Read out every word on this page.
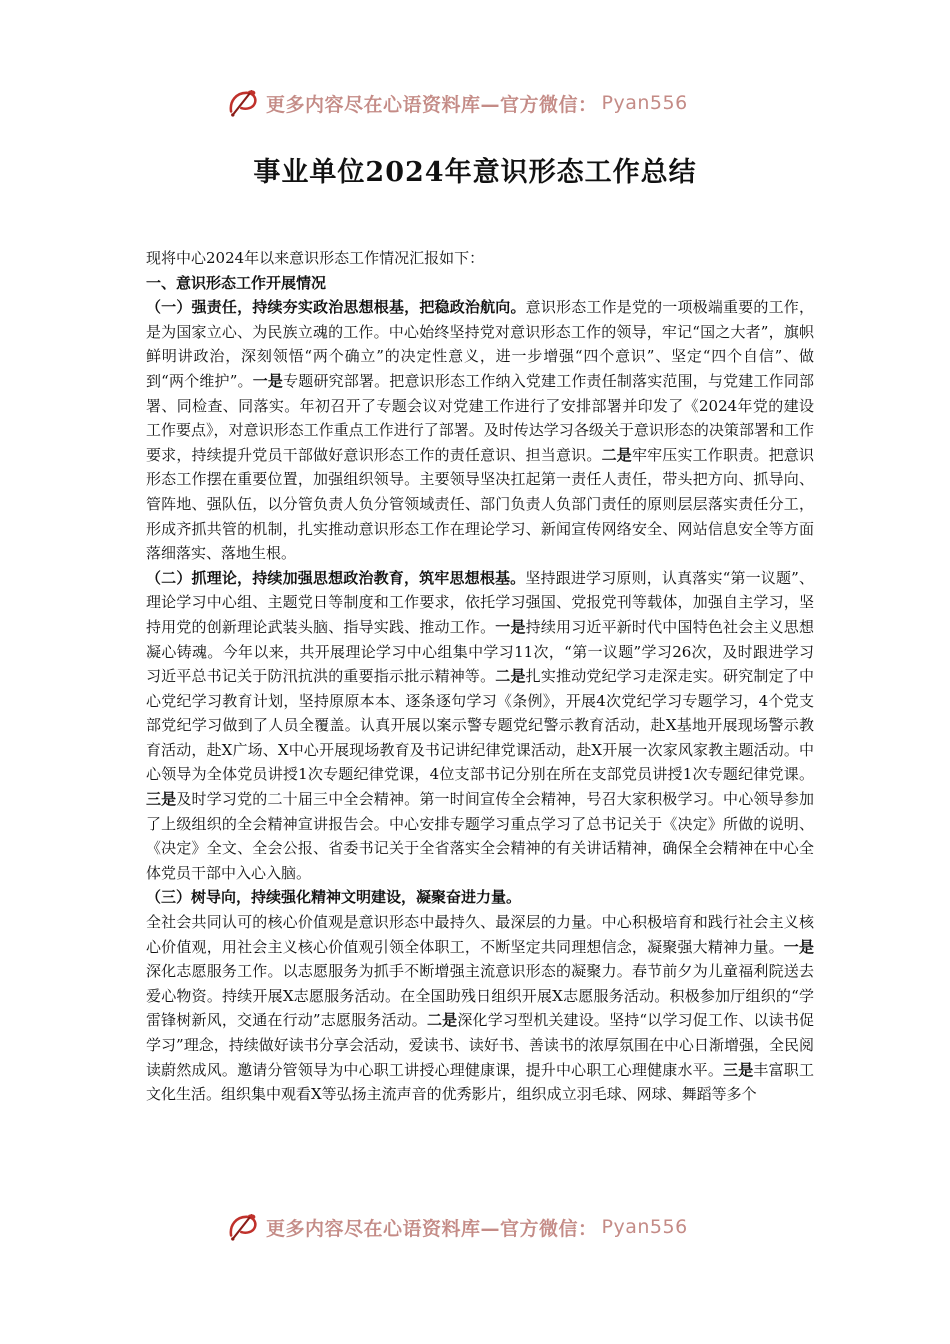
更多内容尽在心语资料库—官方微信： Pyan556
事业单位2024年意识形态工作总结

现将中心2024年以来意识形态工作情况汇报如下：

一、意识形态工作开展情况

（一）强责任，持续夯实政治思想根基，把稳政治航向。意识形态工作是党的一项极端重要的工作，是为国家立心、为民族立魂的工作。中心始终坚持党对意识形态工作的领导，牢记“国之大者”，旗帜鲜明讲政治，深刻领悟“两个确立”的决定性意义，进一步增强“四个意识”、坚定“四个自信”、做到“两个维护”。一是专题研究部署。把意识形态工作纳入党建工作责任制落实范围，与党建工作同部署、同检查、同落实。年初召开了专题会议对党建工作进行了安排部署并印发了《2024年党的建设工作要点》，对意识形态工作重点工作进行了部署。及时传达学习各级关于意识形态的决策部署和工作要求，持续提升党员干部做好意识形态工作的责任意识、担当意识。二是牢牢压实工作职责。把意识形态工作摆在重要位置，加强组织领导。主要领导坚决扛起第一责任人责任，带头把方向、抓导向、管阵地、强队伍，以分管负责人负分管领域责任、部门负责人负部门责任的原则层层落实责任分工，形成齐抓共管的机制，扎实推动意识形态工作在理论学习、新闻宣传网络安全、网站信息安全等方面落细落实、落地生根。

（二）抓理论，持续加强思想政治教育，筑牢思想根基。坚持跟进学习原则，认真落实“第一议题”、理论学习中心组、主题党日等制度和工作要求，依托学习强国、党报党刊等载体，加强自主学习，坚持用党的创新理论武装头脑、指导实践、推动工作。一是持续用习近平新时代中国特色社会主义思想凝心铸魂。今年以来，共开展理论学习中心组集中学习11次，“第一议题”学习26次，及时跟进学习习近平总书记关于防汛抗洪的重要指示批示精神等。二是扎实推动党纪学习走深走实。研究制定了中心党纪学习教育计划，坚持原原本本、逐条逐句学习《条例》，开展4次党纪学习专题学习，4个党支部党纪学习做到了人员全覆盖。认真开展以案示警专题党纪警示教育活动，赴X基地开展现场警示教育活动，赴X广场、X中心开展现场教育及书记讲纪律党课活动，赴X开展一次家风家教主题活动。中心领导为全体党员讲授1次专题纪律党课，4位支部书记分别在所在支部党员讲授1次专题纪律党课。三是及时学习党的二十届三中全会精神。第一时间宣传全会精神，号召大家积极学习。中心领导参加了上级组织的全会精神宣讲报告会。中心安排专题学习重点学习了总书记关于《决定》所做的说明、《决定》全文、全会公报、省委书记关于全省落实全会精神的有关讲话精神，确保全会精神在中心全体党员干部中入心入脑。

（三）树导向，持续强化精神文明建设，凝聚奋进力量。

全社会共同认可的核心价值观是意识形态中最持久、最深层的力量。中心积极培育和践行社会主义核心价值观，用社会主义核心价值观引领全体职工，不断坚定共同理想信念，凝聚强大精神力量。一是深化志愿服务工作。以志愿服务为抓手不断增强主流意识形态的凝聚力。春节前夕为儿童福利院送去爱心物资。持续开展X志愿服务活动。在全国助残日组织开展X志愿服务活动。积极参加厅组织的“学雷锋树新风，交通在行动”志愿服务活动。二是深化学习型机关建设。坚持“以学习促工作、以读书促学习”理念，持续做好读书分享会活动，爱读书、读好书、善读书的浓厚氛围在中心日渐增强，全民阅读蔚然成风。邀请分管领导为中心职工讲授心理健康课，提升中心职工心理健康水平。三是丰富职工文化生活。组织集中观看X等弘扬主流声音的优秀影片，组织成立羽毛球、网球、舞蹈等多个

更多内容尽在心语资料库—官方微信： Pyan556
